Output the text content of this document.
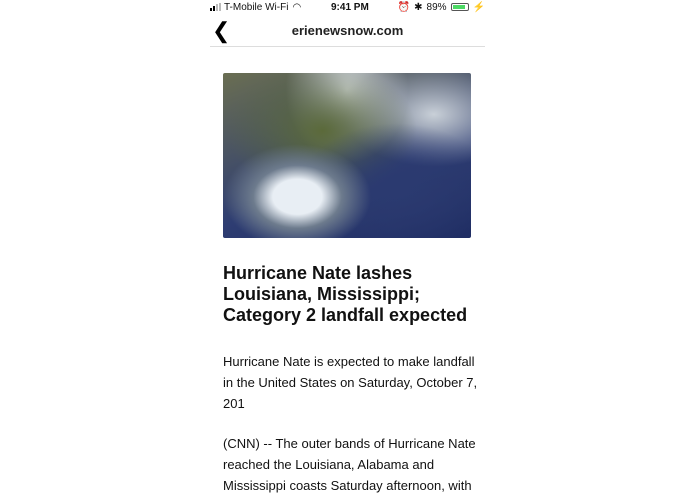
T-Mobile Wi-Fi ◠	9:41 PM	⏰ ✱ 89%	⚡
❮	erienewsnow.com
Hurricane Nate lashes Louisiana, Mississippi; Category 2 landfall expected

Hurricane Nate is expected to make landfall in the United States on Saturday, October 7, 201

(CNN) -- The outer bands of Hurricane Nate reached the Louisiana, Alabama and Mississippi coasts Saturday afternoon, with
